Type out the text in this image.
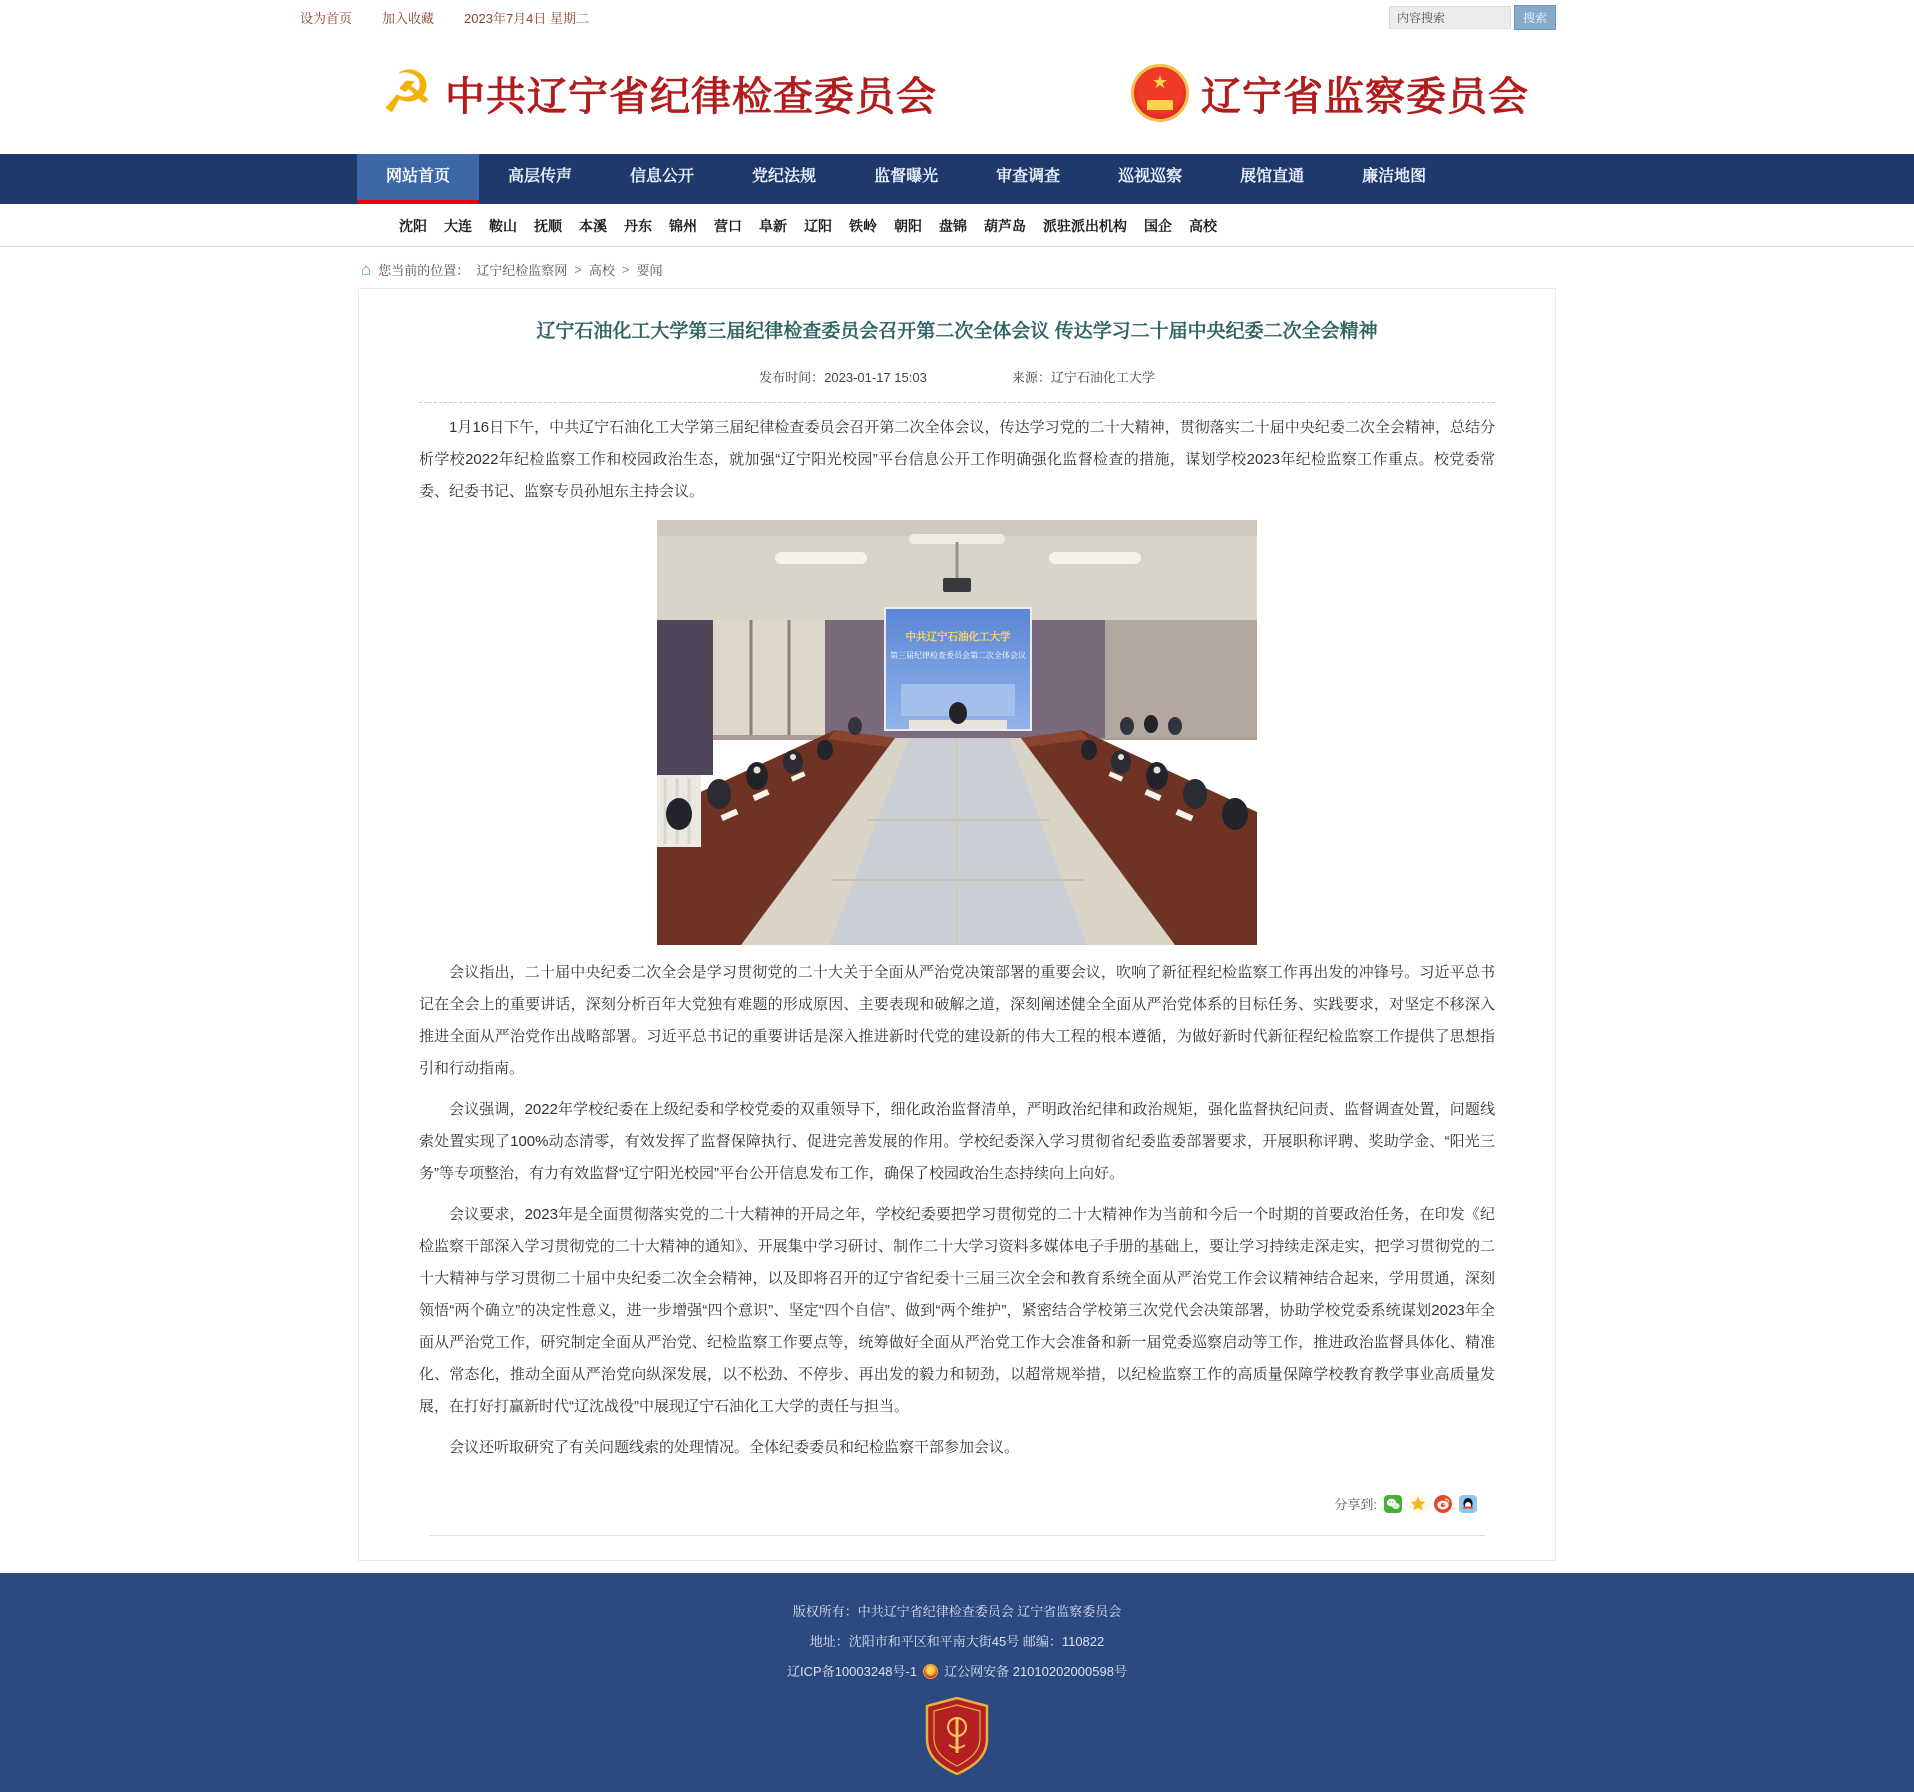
设为首页 加入收藏 2023年7月4日 星期二
内容搜索	搜索
☭ 中共辽宁省纪律检查委员会	★ 辽宁省监察委员会
网站首页	高层传声	信息公开	党纪法规	监督曝光	审查调查	巡视巡察	展馆直通	廉洁地图
沈阳 大连 鞍山 抚顺 本溪 丹东 锦州 营口 阜新 辽阳 铁岭 朝阳 盘锦 葫芦岛 派驻派出机构 国企 高校
⌂ 您当前的位置： 辽宁纪检监察网 > 高校 > 要闻
辽宁石油化工大学第三届纪律检查委员会召开第二次全体会议 传达学习二十届中央纪委二次全会精神
发布时间：2023-01-17 15:03	来源：辽宁石油化工大学

1月16日下午，中共辽宁石油化工大学第三届纪律检查委员会召开第二次全体会议，传达学习党的二十大精神，贯彻落实二十届中央纪委二次全会精神，总结分析学校2022年纪检监察工作和校园政治生态，就加强“辽宁阳光校园”平台信息公开工作明确强化监督检查的措施，谋划学校2023年纪检监察工作重点。校党委常委、纪委书记、监察专员孙旭东主持会议。

中共辽宁石油化工大学
第三届纪律检查委员会第二次全体会议

会议指出，二十届中央纪委二次全会是学习贯彻党的二十大关于全面从严治党决策部署的重要会议，吹响了新征程纪检监察工作再出发的冲锋号。习近平总书记在全会上的重要讲话，深刻分析百年大党独有难题的形成原因、主要表现和破解之道，深刻阐述健全全面从严治党体系的目标任务、实践要求，对坚定不移深入推进全面从严治党作出战略部署。习近平总书记的重要讲话是深入推进新时代党的建设新的伟大工程的根本遵循，为做好新时代新征程纪检监察工作提供了思想指引和行动指南。

会议强调，2022年学校纪委在上级纪委和学校党委的双重领导下，细化政治监督清单，严明政治纪律和政治规矩，强化监督执纪问责、监督调查处置，问题线索处置实现了100%动态清零，有效发挥了监督保障执行、促进完善发展的作用。学校纪委深入学习贯彻省纪委监委部署要求，开展职称评聘、奖助学金、“阳光三务”等专项整治，有力有效监督“辽宁阳光校园”平台公开信息发布工作，确保了校园政治生态持续向上向好。

会议要求，2023年是全面贯彻落实党的二十大精神的开局之年，学校纪委要把学习贯彻党的二十大精神作为当前和今后一个时期的首要政治任务，在印发《纪检监察干部深入学习贯彻党的二十大精神的通知》、开展集中学习研讨、制作二十大学习资料多媒体电子手册的基础上，要让学习持续走深走实，把学习贯彻党的二十大精神与学习贯彻二十届中央纪委二次全会精神，以及即将召开的辽宁省纪委十三届三次全会和教育系统全面从严治党工作会议精神结合起来，学用贯通，深刻领悟“两个确立”的决定性意义，进一步增强“四个意识”、坚定“四个自信”、做到“两个维护”，紧密结合学校第三次党代会决策部署，协助学校党委系统谋划2023年全面从严治党工作，研究制定全面从严治党、纪检监察工作要点等，统筹做好全面从严治党工作大会准备和新一届党委巡察启动等工作，推进政治监督具体化、精准化、常态化，推动全面从严治党向纵深发展，以不松劲、不停步、再出发的毅力和韧劲，以超常规举措，以纪检监察工作的高质量保障学校教育教学事业高质量发展，在打好打赢新时代“辽沈战役”中展现辽宁石油化工大学的责任与担当。

会议还听取研究了有关问题线索的处理情况。全体纪委委员和纪检监察干部参加会议。

分享到:
版权所有：中共辽宁省纪律检查委员会 辽宁省监察委员会
地址：沈阳市和平区和平南大街45号 邮编：110822
辽ICP备10003248号-1 辽公网安备 21010202000598号
